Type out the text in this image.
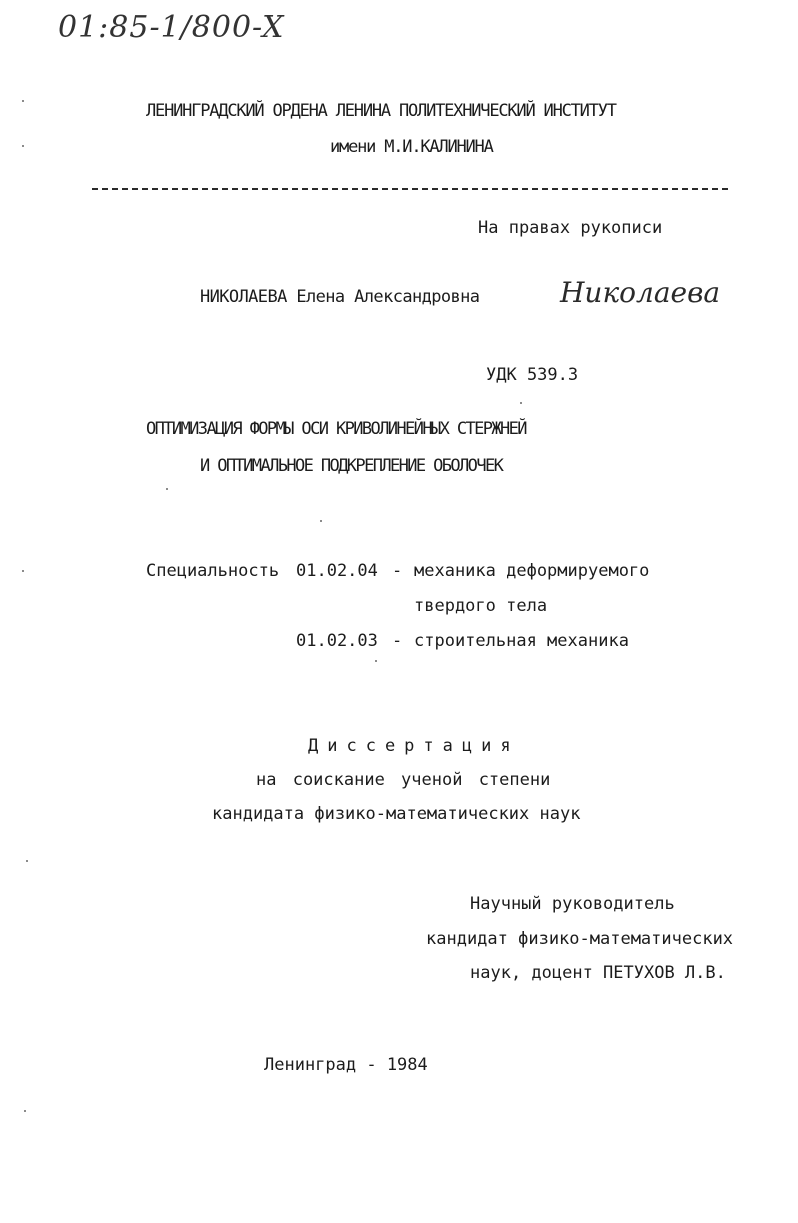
01:85-1/800-X
ЛЕНИНГРАДСКИЙ ОРДЕНА ЛЕНИНА ПОЛИТЕХНИЧЕСКИЙ ИНСТИТУТ
имени М.И.КАЛИНИНА
На правах рукописи
НИКОЛАЕВА Елена Александровна	Николаева
УДК 539.3
ОПТИМИЗАЦИЯ ФОРМЫ ОСИ КРИВОЛИНЕЙНЫХ СТЕРЖНЕЙ
И ОПТИМАЛЬНОЕ ПОДКРЕПЛЕНИЕ ОБОЛОЧЕК
Специальность 01.02.04 - механика деформируемого
твердого тела
01.02.03 - строительная механика
Диссертация
на соискание ученой степени
кандидата физико-математических наук
Научный руководитель
кандидат физико-математических
наук, доцент ПЕТУХОВ Л.В.
Ленинград - 1984
